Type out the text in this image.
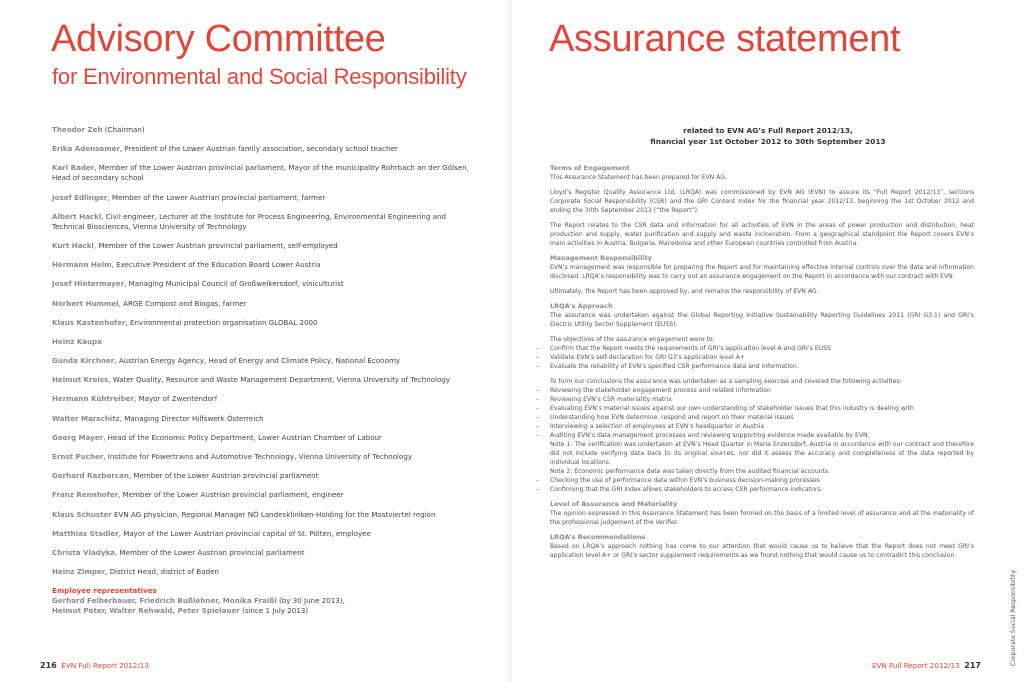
Advisory Committee
for Environmental and Social Responsibility
Theodor Zeh (Chairman)
Erika Adensamer, President of the Lower Austrian family association, secondary school teacher
Karl Bader, Member of the Lower Austrian provincial parliament, Mayor of the municipality Rohrbach an der Gölsen, Head of secondary school
Josef Edlinger, Member of the Lower Austrian provincial parliament, farmer
Albert Hackl, Civil engineer, Lecturer at the Institute for Process Engineering, Environmental Engineering and Technical Biosciences, Vienna University of Technology
Kurt Hackl, Member of the Lower Austrian provincial parliament, self-employed
Hermann Helm, Executive President of the Education Board Lower Austria
Josef Hintermayer, Managing Municipal Council of Großweikersdorf, viniculturist
Norbert Hummel, ARGE Compost and Biogas, farmer
Klaus Kastenhofer, Environmental protection organisation GLOBAL 2000
Heinz Kaupa
Gunda Kirchner, Austrian Energy Agency, Head of Energy and Climate Policy, National Economy
Helmut Kroiss, Water Quality, Resource and Waste Management Department, Vienna University of Technology
Hermann Kühtreiber, Mayor of Zwentendorf
Walter Marschitz, Managing Director Hilfswerk Österreich
Georg Mayer, Head of the Economic Policy Department, Lower Austrian Chamber of Labour
Ernst Pucher, Institute for Powertrains and Automotive Technology, Vienna University of Technology
Gerhard Razborcan, Member of the Lower Austrian provincial parliament
Franz Rennhofer, Member of the Lower Austrian provincial parliament, engineer
Klaus Schuster EVN AG physician, Regional Manager NÖ Landeskliniken-Holding for the Mostviertel region
Matthias Stadler, Mayor of the Lower Austrian provincial capital of St. Pölten, employee
Christa Vladyka, Member of the Lower Austrian provincial parliament
Heinz Zimper, District Head, district of Baden
Employee representatives
Gerhard Felberbauer, Friedrich Bußlehner, Monika Fraißl (by 30 June 2013),
Helmut Peter, Walter Rehwald, Peter Spielauer (since 1 July 2013)
216 EVN Full Report 2012/13
Assurance statement
related to EVN AG’s Full Report 2012/13,
financial year 1st October 2012 to 30th September 2013
Terms of Engagement

This Assurance Statement has been prepared for EVN AG.

Lloyd’s Register Quality Assurance Ltd. (LRQA) was commissioned by EVN AG (EVN) to assure its “Full Report 2012/13”, sections Corporate Social Responsibility (CSR) and the GRI Content Index for the financial year 2012/13, beginning the 1st October 2012 and ending the 30th September 2013 (“the Report”).

The Report relates to the CSR data and information for all activities of EVN in the areas of power production and distribution, heat production and supply, water purification and supply and waste incineration. From a geographical standpoint the Report covers EVN’s main activities in Austria, Bulgaria, Macedonia and other European countries controlled from Austria.

Management Responsibility

EVN’s management was responsible for preparing the Report and for maintaining effective internal controls over the data and information disclosed. LRQA’s responsibility was to carry out an assurance engagement on the Report in accordance with our contract with EVN.

Ultimately, the Report has been approved by, and remains the responsibility of EVN AG.

LRQA’s Approach

The assurance was undertaken against the Global Reporting Initiative Sustainability Reporting Guidelines 2011 (GRI G3.1) and GRI’s Electric Utility Sector Supplement (EUSS).

The objectives of the assurance engagement were to:
– Confirm that the Report meets the requirements of GRI’s application level A and GRI’s EUSS
– Validate EVN’s self-declaration for GRI G3’s application level A+
– Evaluate the reliability of EVN’s specified CSR performance data and information.
To form our conclusions the assurance was undertaken as a sampling exercise and covered the following activities:
– Reviewing the stakeholder engagement process and related information
– Reviewing EVN’s CSR materiality matrix
– Evaluating EVN’s material issues against our own understanding of stakeholder issues that this industry is dealing with
– Understanding how EVN determine, respond and report on their material issues
– Interviewing a selection of employees at EVN’s headquarter in Austria
– Auditing EVN’s data management processes and reviewing supporting evidence made available by EVN.
Note 1: The verification was undertaken at EVN’s Head Quarter in Maria Enzersdorf, Austria in accordance with our contract and therefore did not include verifying data back to its original sources, nor did it assess the accuracy and completeness of the data reported by individual locations.
Note 2: Economic performance data was taken directly from the audited financial accounts.
– Checking the use of performance data within EVN’s business decision-making processes
– Confirming that the GRI index allows stakeholders to access CSR performance indicators.
Level of Assurance and Materiality

The opinion expressed in this Assurance Statement has been formed on the basis of a limited level of assurance and at the materiality of the professional judgement of the Verifier.

LRQA’s Recommendations

Based on LRQA’s approach nothing has come to our attention that would cause us to believe that the Report does not meet GRI’s application level A+ or GRI’s sector supplement requirements as we found nothing that would cause us to contradict this conclusion.

Corporate Social Responsibility
EVN Full Report 2012/13 217
